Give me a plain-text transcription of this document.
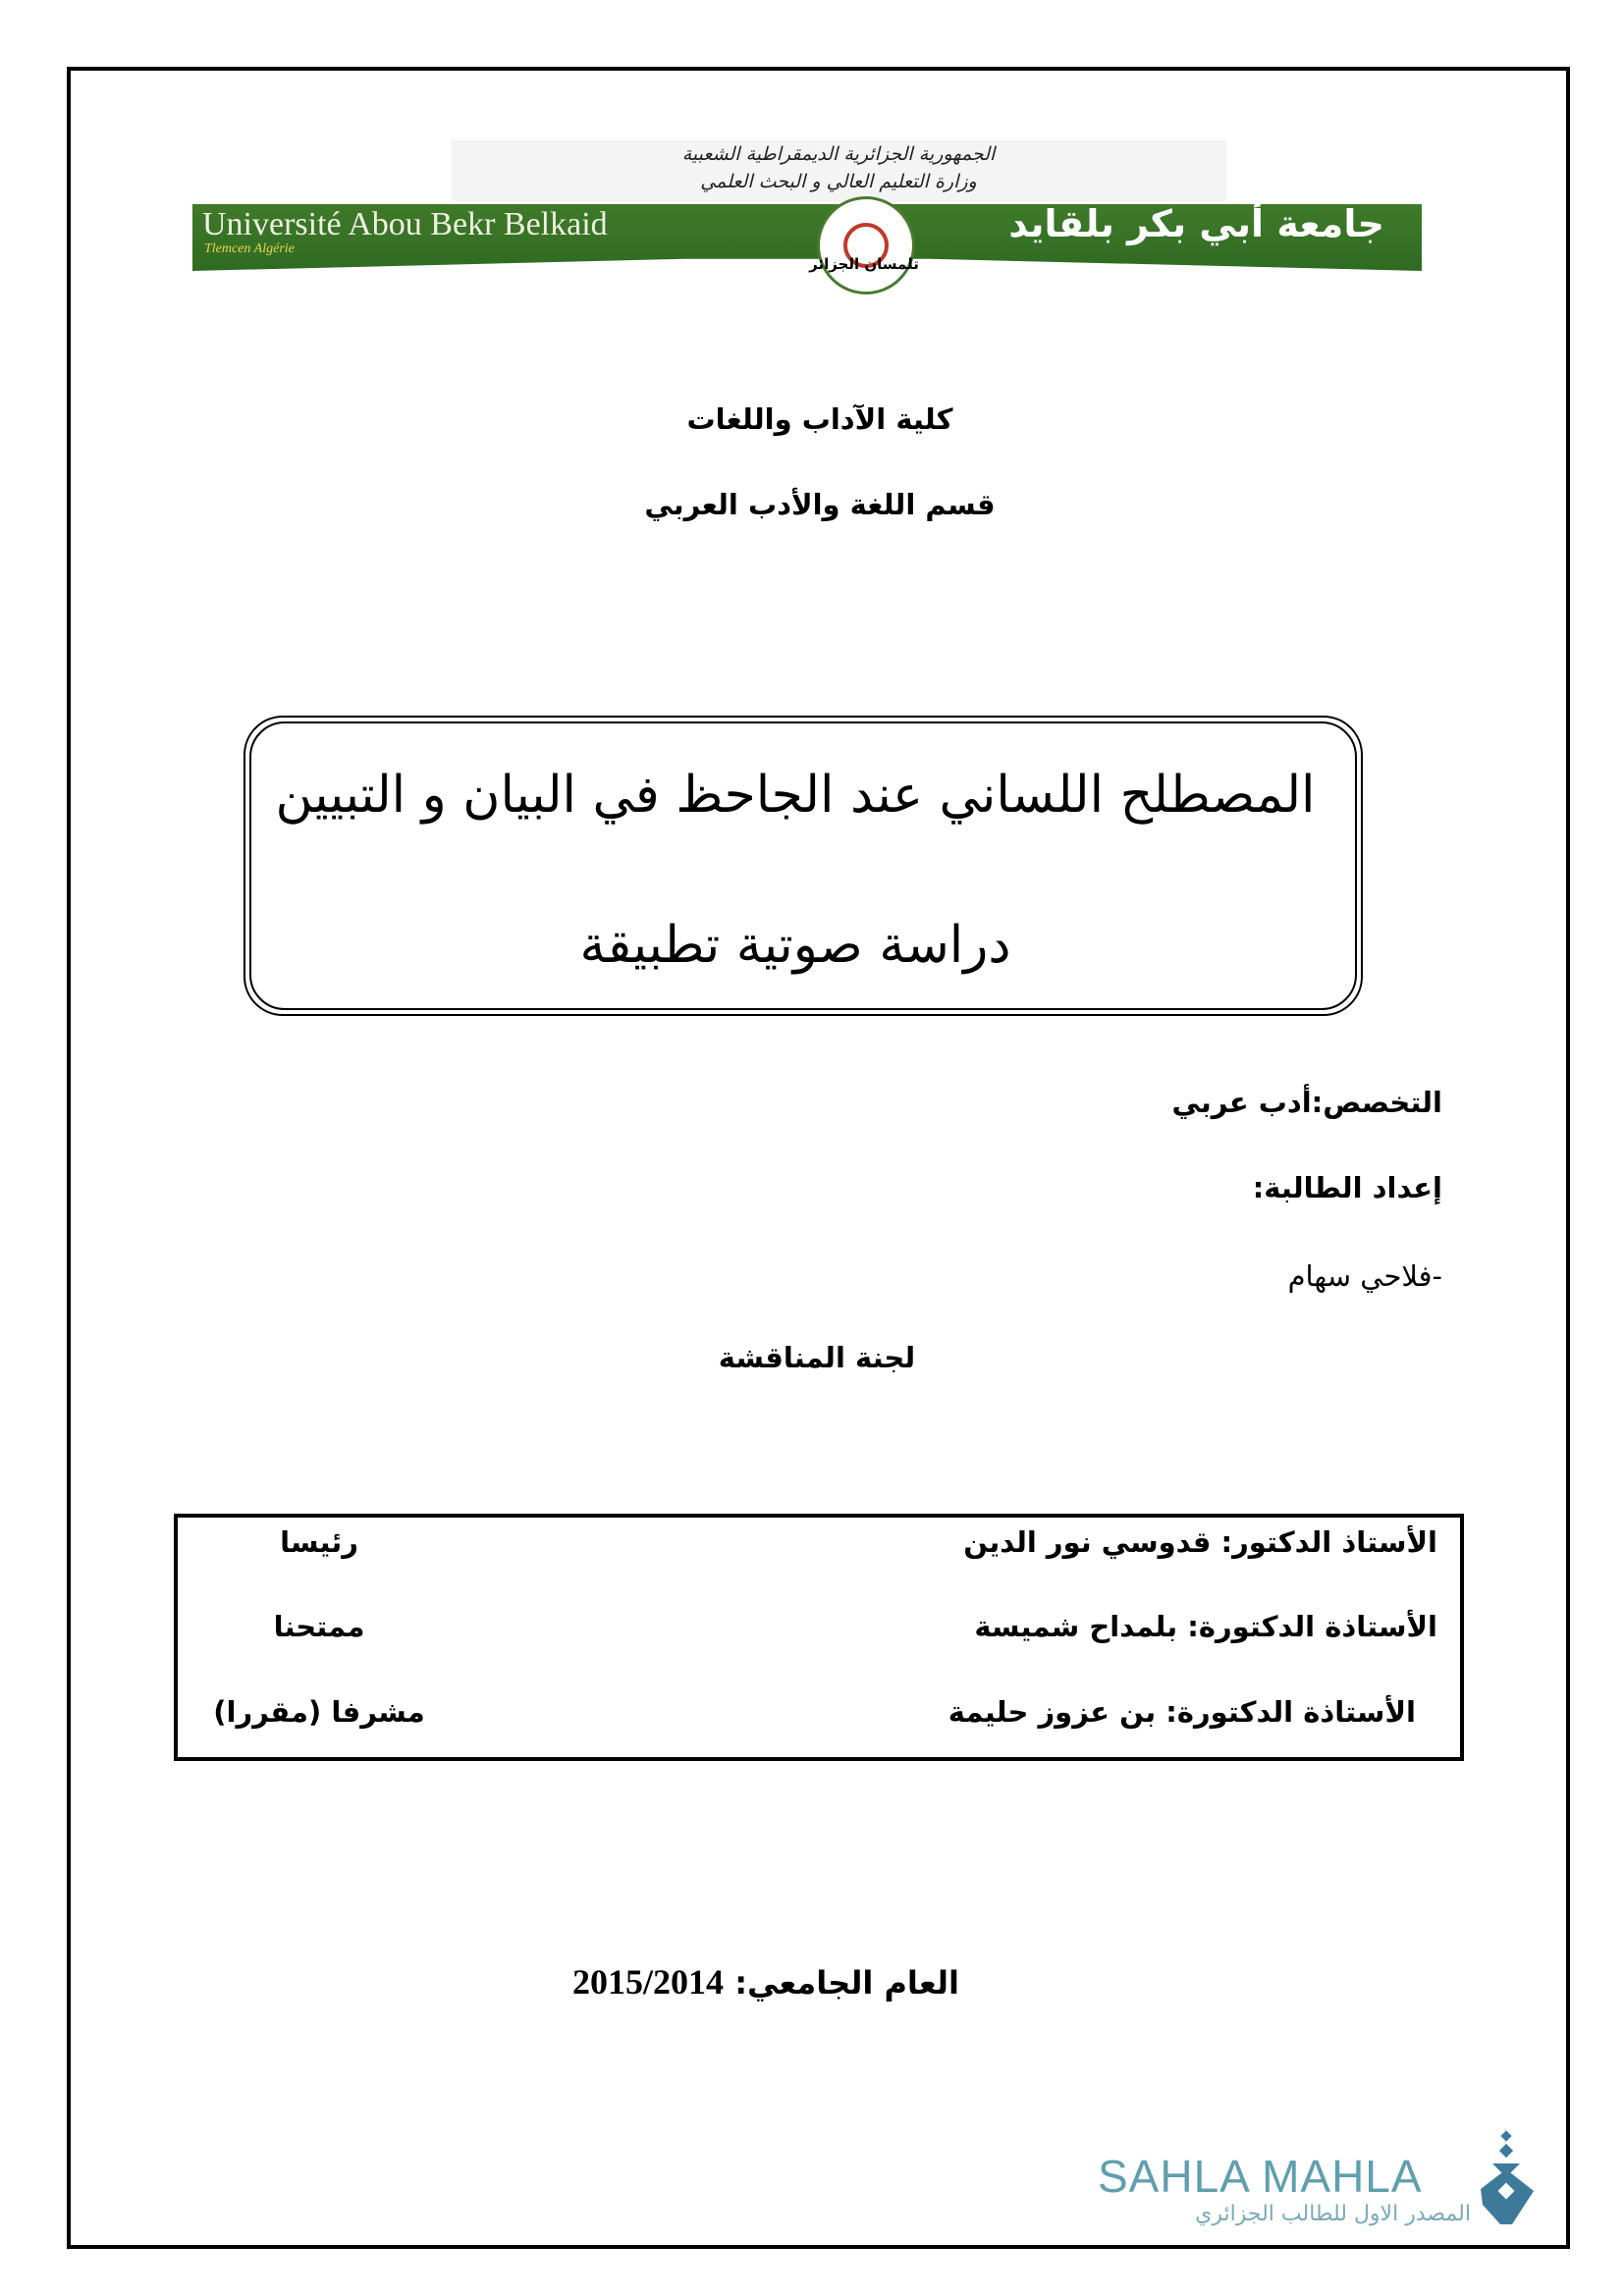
الجمهورية الجزائرية الديمقراطية الشعبية
وزارة التعليم العالي و البحث العلمي
Université Abou Bekr Belkaid
Tlemcen Algérie
جامعة أبي بكر بلقايد
تلمسان الجزائر
كلية الآداب واللغات
قسم اللغة والأدب العربي
المصطلح اللساني عند الجاحظ في البيان و التبيين
دراسة صوتية تطبيقة
التخصص:أدب عربي
إعداد الطالبة:
-فلاحي سهام
لجنة المناقشة
الأستاذ الدكتور: قدوسي نور الدين
رئيسا
الأستاذة الدكتورة: بلمداح شميسة
ممتحنا
الأستاذة الدكتورة: بن عزوز حليمة
مشرفا (مقررا)
العام الجامعي: 2015/2014
SAHLA MAHLA
المصدر الاول للطالب الجزائري
